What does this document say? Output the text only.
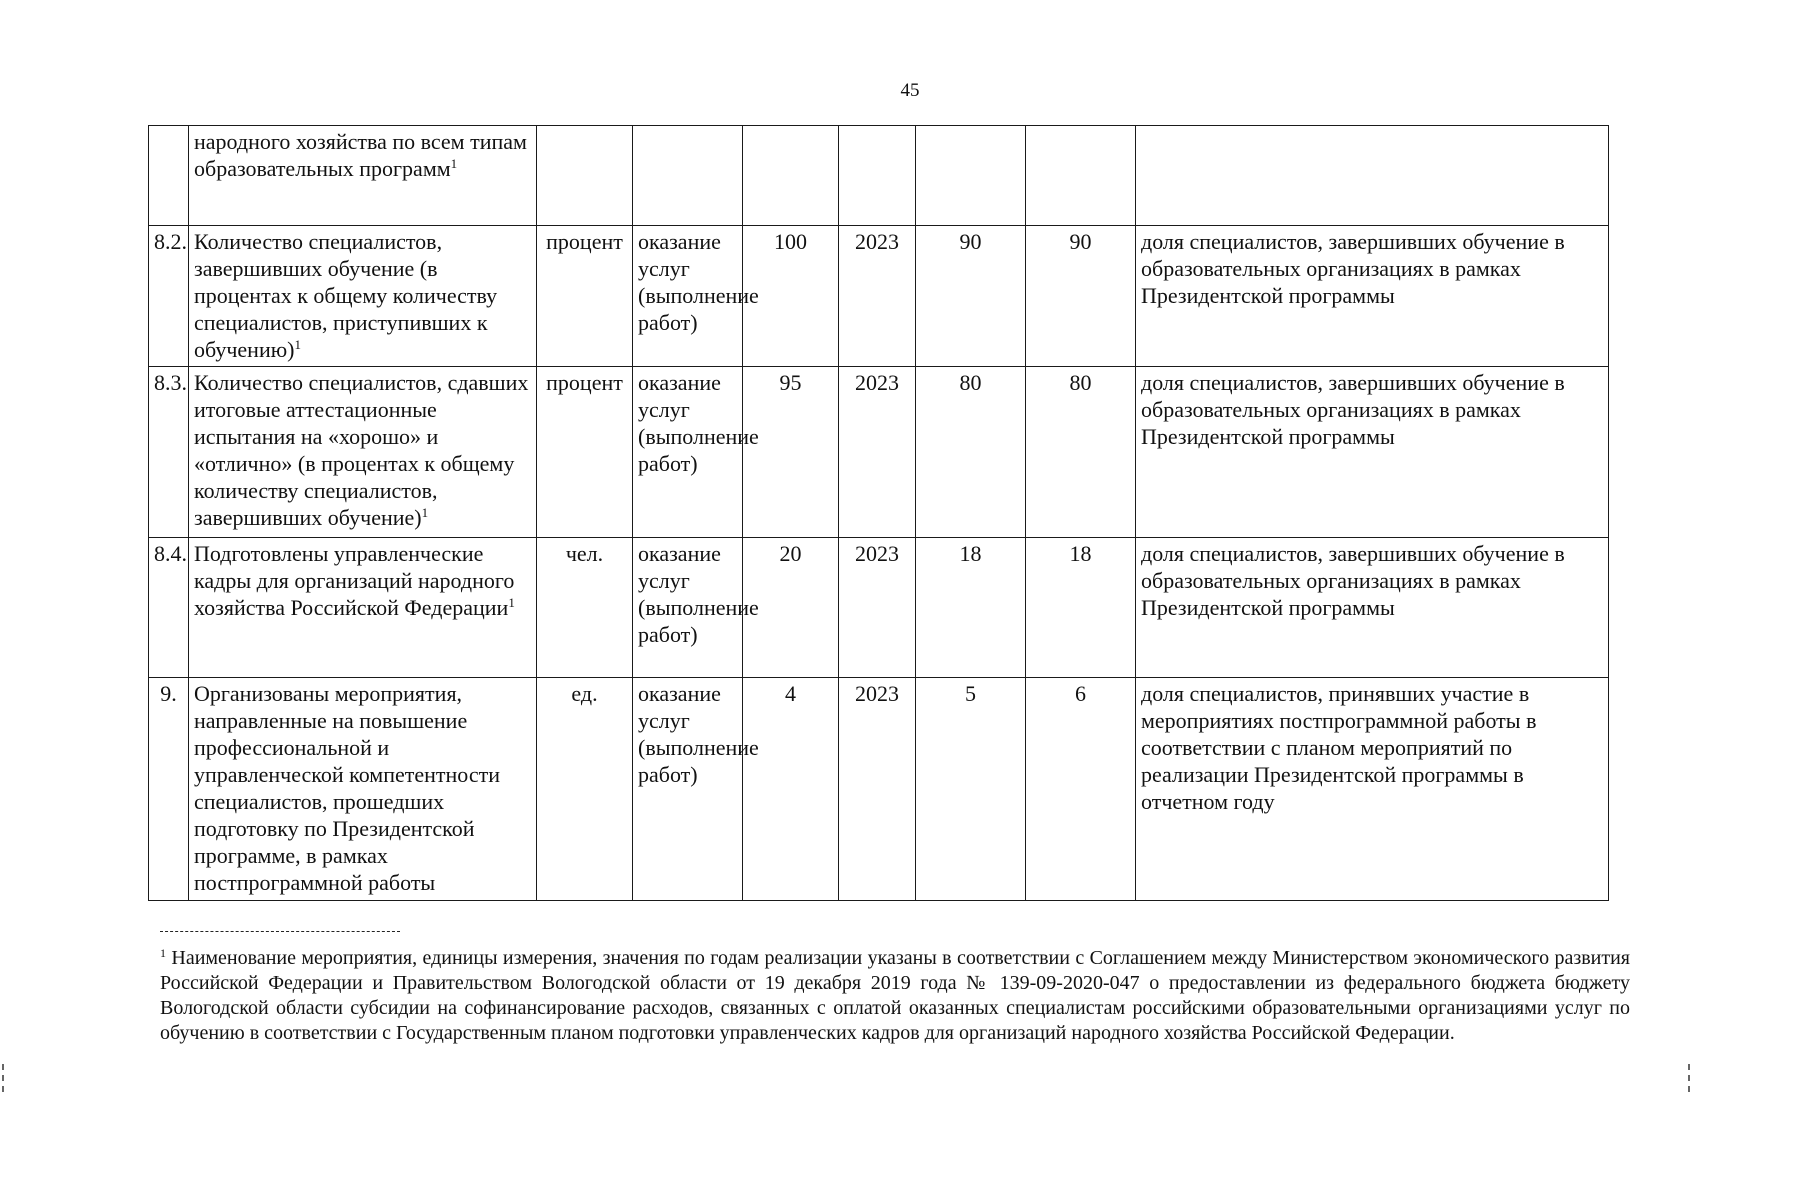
45
	народного хозяйства по всем типам образовательных программ$^1$							
8.2.	Количество специалистов, завершивших обучение (в процентах к общему количеству специалистов, приступивших к обучению)$^1$	процент	оказание услуг (выполнение работ)	100	2023	90	90	доля специалистов, завершивших обучение в образовательных организациях в рамках Президентской программы
8.3.	Количество специалистов, сдавших итоговые аттестационные испытания на «хорошо» и «отлично» (в процентах к общему количеству специалистов, завершивших обучение)$^1$	процент	оказание услуг (выполнение работ)	95	2023	80	80	доля специалистов, завершивших обучение в образовательных организациях в рамках Президентской программы
8.4.	Подготовлены управленческие кадры для организаций народного хозяйства Российской Федерации$^1$	чел.	оказание услуг (выполнение работ)	20	2023	18	18	доля специалистов, завершивших обучение в образовательных организациях в рамках Президентской программы
9.	Организованы мероприятия, направленные на повышение профессиональной и управленческой компетентности специалистов, прошедших подготовку по Президентской программе, в рамках постпрограммной работы	ед.	оказание услуг (выполнение работ)	4	2023	5	6	доля специалистов, принявших участие в мероприятиях постпрограммной работы в соответствии с планом мероприятий по реализации Президентской программы в отчетном году
$^1$ Наименование мероприятия, единицы измерения, значения по годам реализации указаны в соответствии с Соглашением между Министерством экономического развития Российской Федерации и Правительством Вологодской области от 19 декабря 2019 года № 139-09-2020-047 о предоставлении из федерального бюджета бюджету Вологодской области субсидии на софинансирование расходов, связанных с оплатой оказанных специалистам российскими образовательными организациями услуг по обучению в соответствии с Государственным планом подготовки управленческих кадров для организаций народного хозяйства Российской Федерации.
